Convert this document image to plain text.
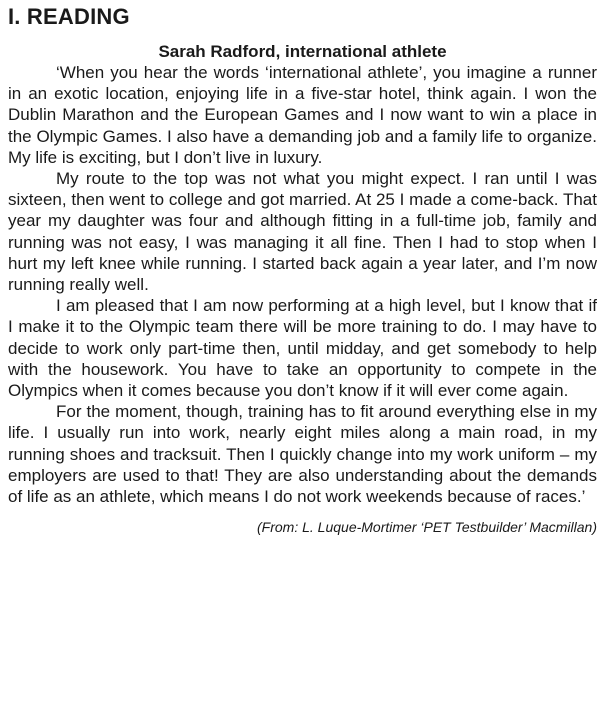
I. READING
Sarah Radford, international athlete

‘When you hear the words ‘international athlete’, you imagine a runner in an exotic location, enjoying life in a five-star hotel, think again. I won the Dublin Marathon and the European Games and I now want to win a place in the Olympic Games. I also have a demanding job and a family life to organize. My life is exciting, but I don’t live in luxury.

My route to the top was not what you might expect. I ran until I was sixteen, then went to college and got married. At 25 I made a come-back. That year my daughter was four and although fitting in a full-time job, family and running was not easy, I was managing it all fine. Then I had to stop when I hurt my left knee while running. I started back again a year later, and I’m now running really well.

I am pleased that I am now performing at a high level, but I know that if I make it to the Olympic team there will be more training to do. I may have to decide to work only part-time then, until midday, and get somebody to help with the housework. You have to take an opportunity to compete in the Olympics when it comes because you don’t know if it will ever come again.

For the moment, though, training has to fit around everything else in my life. I usually run into work, nearly eight miles along a main road, in my running shoes and tracksuit. Then I quickly change into my work uniform – my employers are used to that! They are also understanding about the demands of life as an athlete, which means I do not work weekends because of races.’

(From: L. Luque-Mortimer ‘PET Testbuilder’ Macmillan)
